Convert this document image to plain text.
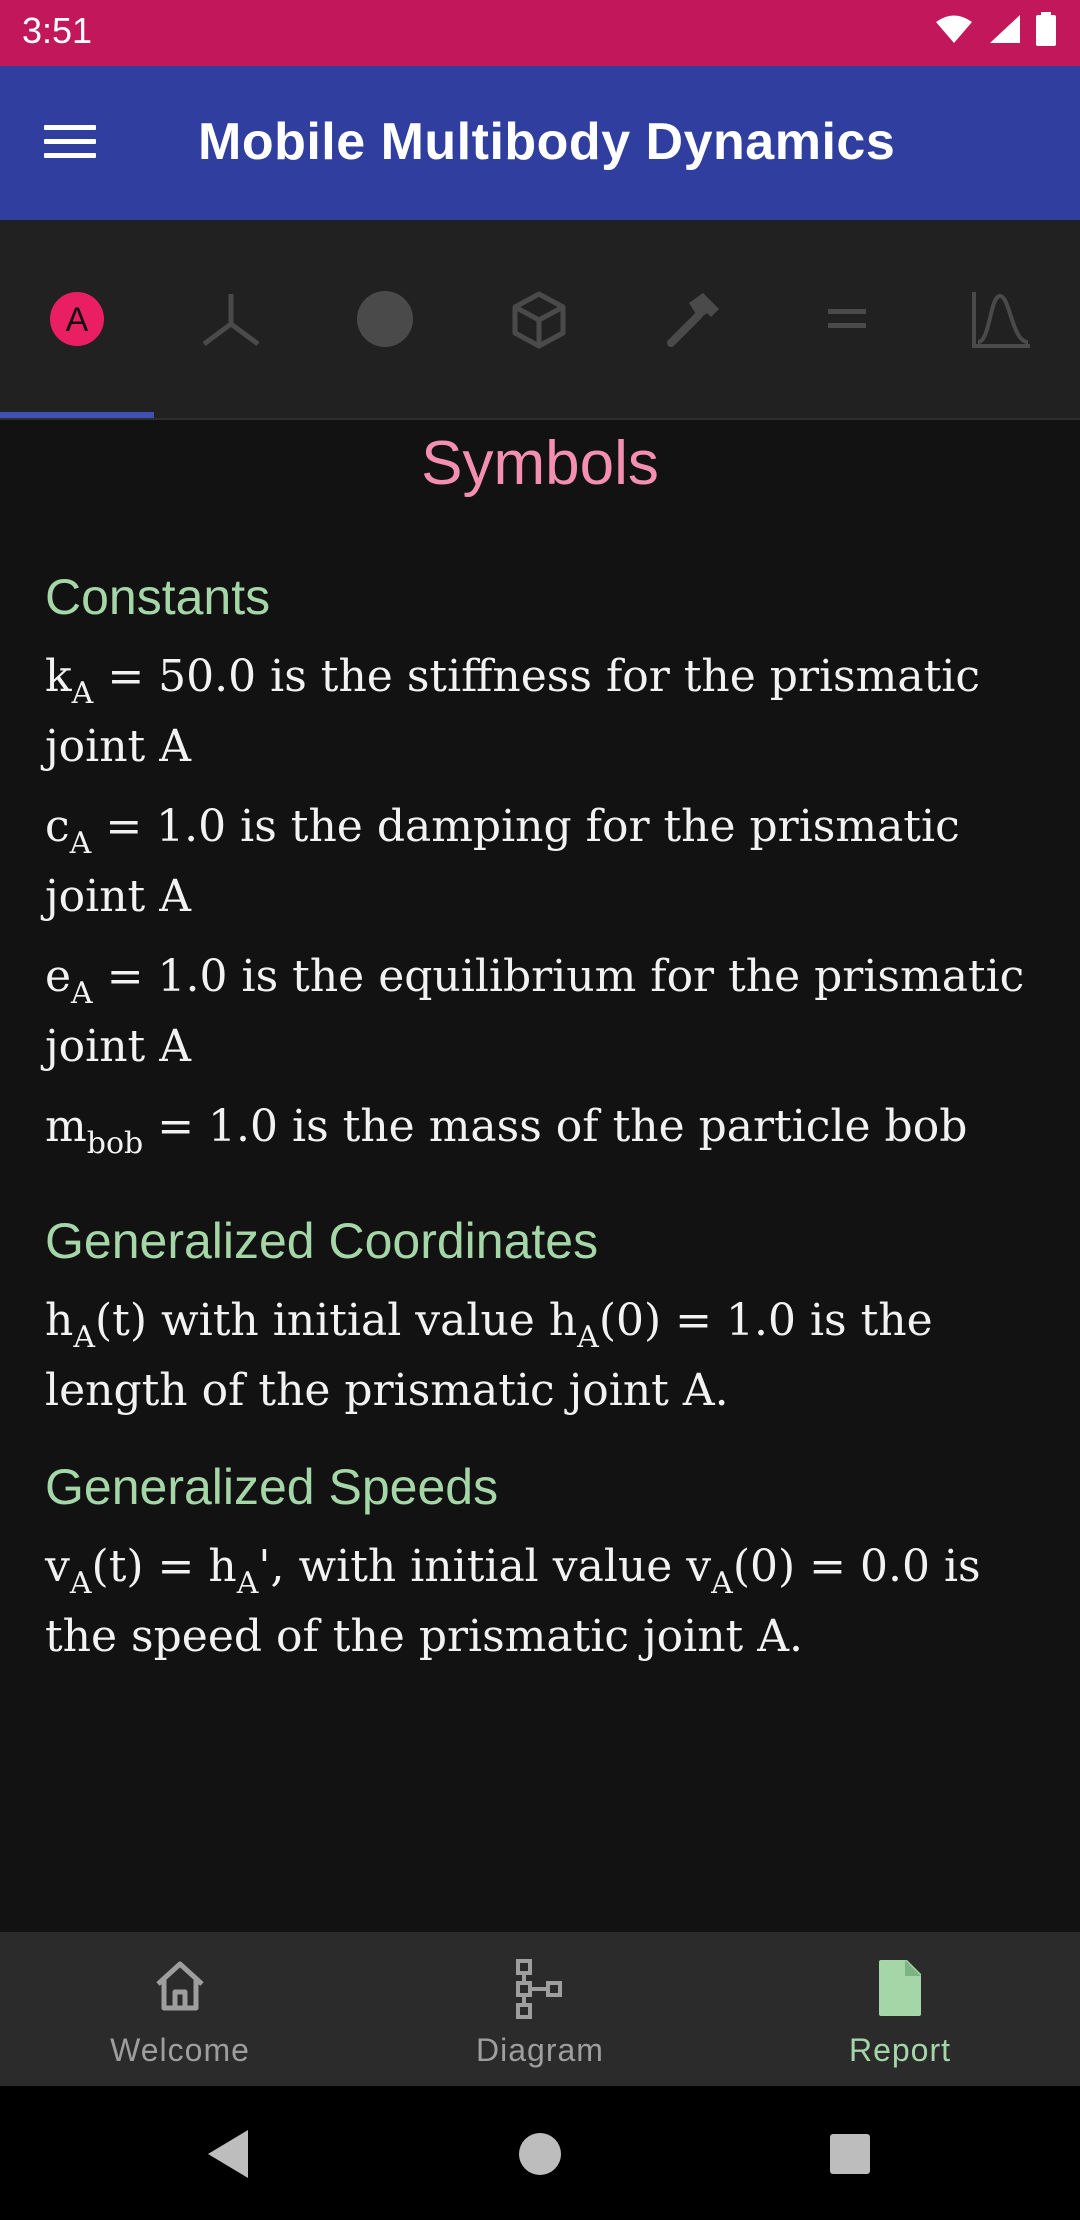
3:51
Mobile Multibody Dynamics
A
Symbols
Constants
$k_A = 50.0$ is the stiffness for the prismatic joint A
$c_A = 1.0$ is the damping for the prismatic joint A
$e_A = 1.0$ is the equilibrium for the prismatic joint A
$m_{bob} = 1.0$ is the mass of the particle bob
Generalized Coordinates
$h_A(t)$ with initial value $h_A(0) = 1.0$ is the length of the prismatic joint A.
Generalized Speeds
$v_A(t) = h_A'$, with initial value $v_A(0) = 0.0$ is the speed of the prismatic joint A.
Welcome	Diagram	Report
